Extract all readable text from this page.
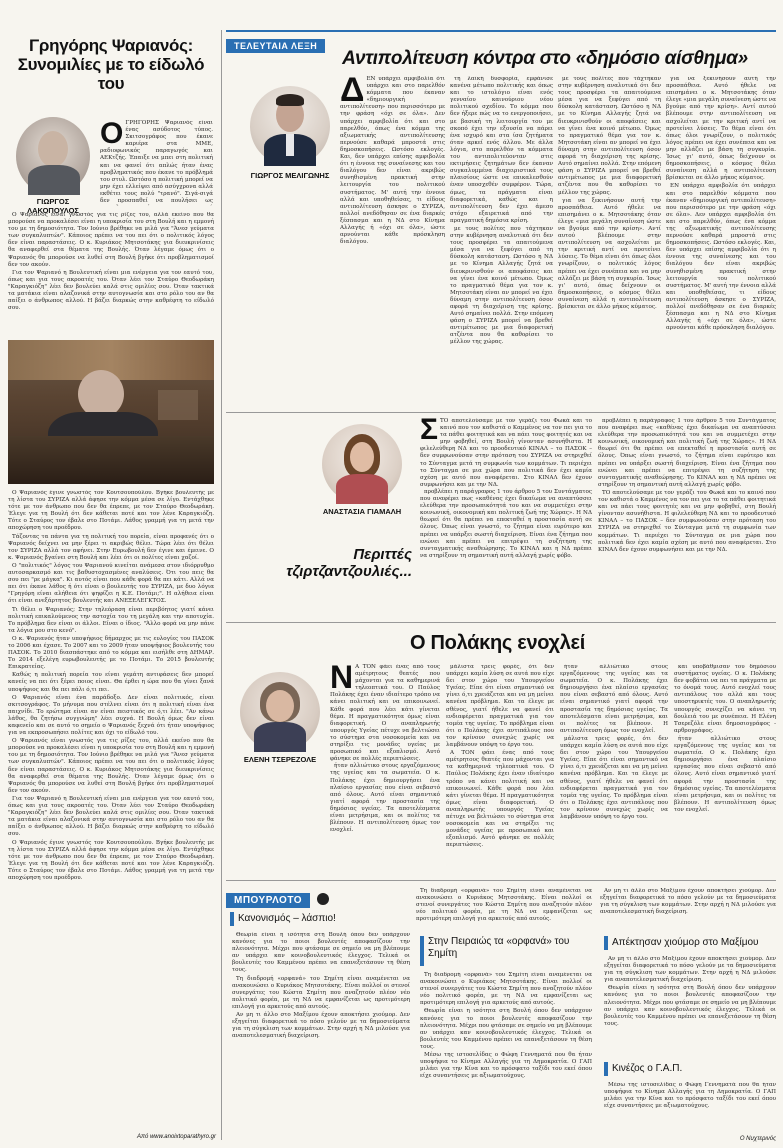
Γρηγόρης Ψαριανός: Συνομιλίες με το είδωλό του
ΓΙΩΡΓΟΣ ΛΑΚΟΠΟΥΛΟΣ
Ο ΓΡΗΓΟΡΗΣ Ψαριανός είναι ένας ασύδοτος τύπος. Σκιτσογράφος που έκανε καριέρα στα ΜΜΕ, ραδιοφωνικός παραγωγός και ΑΕΚτζής. Έπαιξε να μπει στη πολιτική και να φανεί ότι απλώς ήταν ένας προβληματικός που έκανε το πρόβλημά του στυλ. Ωστόσο η πολιτική μπορεί να μην έχει ελλείψει από ασύγχρονα αλλά εκθέτει τους πολύ "τρανό". Σιγά-σιγά δεν προσπαθεί να πουλήσει ως

Ο Ψαριανός είναι γνωστός για τις ρίζες του, αλλά εκείνο που θα μπορούσε να προκαλέσει είναι η υποκρισία του στη Βουλή και η εμμονή του με τη δημοσιότητα. Τον Ιούνιο βρέθηκε να μιλά για "Άνεσ γεύματα των συγκαλυπτών". Κάποιος πρέπει να του πει ότι ο πολιτικός λόγος δεν είναι παραστάσεις. Ο κ. Κυριάκος Μητσοτάκης για διευκρινίσεις θα αναφερθεί στα θέματα της Βουλής. Όταν λέγαμε όμως ότι ο Ψαριανός θα μπορούσε να λυθεί στη Βουλή βγήκε ότι προβληματισμοί δεν τον ακούν.

Για τον Ψαριανό η Βουλευτική είναι μια ενέργεια για τον εαυτό του, όπως και για τους ακροατές του. Όταν λέει τον Σταύρο Θεοδωράκη "Καραγκιόζη" λέει δεν βουλεύει καλά στις ομιλίες σου. Όταν τακτικά τα ματάκια είναι αλαζονικά στην αυτογνωσία και στο ρόλο του αν θα παίξει ο άνθρωπος αλλού. Η βάζει διαρκώς στην καθρέφτη το είδωλό σου.

Ο Ψαριανός έγινε γνωστός τον Κουτσουπούλου. Βγήκε βουλευτής με τη λίστα του ΣΥΡΙΖΑ αλλά άφησε την κόμμα μέσα σε λίγο. Εντάχθηκε τότε με τον άνθρωπο που δεν θα έπρεπε, με τον Σταύρο Θεοδωράκη. Έλεγε για τη Βουλή ότι δεν κάθεται ποτέ και τον λένε Καραγκιόζη. Τότε ο Σταύρος τον έβαλε στο Ποτάμι. Λάθος γραμμή για τη μετά την αποχώρηση του προέδρου.

Τάζοντας τα πάντα για τη πολιτική του πορεία, είναι προφανές ότι ο Ψαριανός δείχνει να μην ξέρει τι ακριβώς θέλει. Τώρα λέει ότι θέλει τον ΣΥΡΙΖΑ αλλά τον αφήνει. Στην Ευρωβουλή δεν έγινε και έμεινε. Ο κ. Ψαριανός βγαίνει στη Βουλή και λέει ότι οι πολίτες είναι χαζοί.

Ο "πολιτικός" λόγος του Ψαριανού κινείται ανάμεσα στον ιδιόρρυθμο αυτοσαρκασμό και τις βαθυστοχασμένες αναλύσεις. Ότι του πεις θα σου πει "ρε μάγκα". Κι αυτός είναι που κάθε φορά θα πει κάτι. Αλλά να πει ότι έκανε λάθος ή ότι είναι ο βουλευτής του ΣΥΡΙΖΑ, με δυο λόγια "Γρηγόρη είναι αλήθεια ότι ψηφίζει η Κ.Ε. Ποτάμι;". Η αλήθεια είναι ότι είναι ανεξάρτητος βουλευτής και ΑΝΕΞΕΛΕΓΚΤΟΣ.

Τι θέλει ο Ψαριανός; Στην τηλεόραση είναι περιβόητος γιατί κάνει πολιτική επικαλούμενος την αστοχία του τη μεγάλη και την αποτυχία. Το πρόβλημα δεν είναι οι άλλοι. Είναι ο ίδιος. "Άλλο φορά να μην πάνε τα λόγια μου στο κενό".

Ο κ. Ψαριανός ήταν υποψήφιος δήμαρχος με τις ευλογίες του ΠΑΣΟΚ το 2006 και έχασε. Το 2007 και το 2009 ήταν υποψήφιος βουλευτής του ΠΑΣΟΚ. Το 2010 διασπάστηκε από το κόμμα και εισήλθε στη ΔΗΜΑΡ. Το 2014 εξελέγη ευρωβουλευτής με το Ποτάμι. Το 2015 βουλευτής Επικρατείας.

Καθώς η πολιτική πορεία του είναι γεμάτη αντιφάσεις δεν μπορεί κανείς να πει ότι ξέρει ποιος είναι. Θα έρθει η ώρα που θα γίνει ξανά υποψήφιος και θα πει πάλι ό,τι πει.

Ο Ψαριανός είναι ένα παράδοξο. Δεν είναι πολιτικός, είναι σκιτσογράφος. Το μήνυμα που στέλνει είναι ότι η πολιτική είναι ένα παιχνίδι. Το ερώτημα είναι αν είναι πειστικός σε ό,τι λέει. "Αν κάνω λάθος, θα ζητήσω συγγνώμη" λέει συχνά. Η Βουλή όμως δεν είναι καφενείο και σε αυτό το σημείο ο Ψαριανός ξεχνά ότι ήταν υποψήφιος για να εκπροσωπήσει πολίτες και όχι το είδωλό του.

Ο Ψαριανός είναι γνωστός για τις ρίζες του, αλλά εκείνο που θα μπορούσε να προκαλέσει είναι η υποκρισία του στη Βουλή και η εμμονή του με τη δημοσιότητα. Τον Ιούνιο βρέθηκε να μιλά για "Άνεσ γεύματα των συγκαλυπτών". Κάποιος πρέπει να του πει ότι ο πολιτικός λόγος δεν είναι παραστάσεις. Ο κ. Κυριάκος Μητσοτάκης για διευκρινίσεις θα αναφερθεί στα θέματα της Βουλής. Όταν λέγαμε όμως ότι ο Ψαριανός θα μπορούσε να λυθεί στη Βουλή βγήκε ότι προβληματισμοί δεν τον ακούν.

Για τον Ψαριανό η Βουλευτική είναι μια ενέργεια για τον εαυτό του, όπως και για τους ακροατές του. Όταν λέει τον Σταύρο Θεοδωράκη "Καραγκιόζη" λέει δεν βουλεύει καλά στις ομιλίες σου. Όταν τακτικά τα ματάκια είναι αλαζονικά στην αυτογνωσία και στο ρόλο του αν θα παίξει ο άνθρωπος αλλού. Η βάζει διαρκώς στην καθρέφτη το είδωλό σου.

Ο Ψαριανός έγινε γνωστός τον Κουτσουπούλου. Βγήκε βουλευτής με τη λίστα του ΣΥΡΙΖΑ αλλά άφησε την κόμμα μέσα σε λίγο. Εντάχθηκε τότε με τον άνθρωπο που δεν θα έπρεπε, με τον Σταύρο Θεοδωράκη. Έλεγε για τη Βουλή ότι δεν κάθεται ποτέ και τον λένε Καραγκιόζη. Τότε ο Σταύρος τον έβαλε στο Ποτάμι. Λάθος γραμμή για τη μετά την αποχώρηση του προέδρου.

Από www.anoixtoparathyro.gr
ΤΕΛΕΥΤΑΙΑ ΛΕΞΗ
Αντιπολίτευση κόντρα στο «δημόσιο αίσθημα»
ΓΙΩΡΓΟΣ ΜΕΛΙΓΩΝΗΣ
Δ ΕΝ υπάρχει αμφιβολία ότι υπάρχει και στο παρελθόν κόμματα που έκαναν «δημιουργική αντιπολίτευση» που περισσότερο με την φράση «όχι σε όλα». Δεν υπάρχει αμφιβολία ότι και στο παρελθόν, όπως ένα κόμμα της αξιωματικής αντιπολίτευσης περνούσε καθαρά μπροστά στις δημοσκοπήσεις. Ωστόσο εκλογές. Και, δεν υπάρχει επίσης αμφιβολία ότι η έννοια της συναίνεσης και του διαλόγου δεν είναι ακριβώς συνηθισμένη πρακτική στην λειτουργία του πολιτικού συστήματος. Μ' αυτή την έννοια αλλά και υποθηθείσας, τι είδους αντιπολίτευση άσκησε ο ΣΥΡΙΖΑ, πολλοί ανεδόθησαν σε ένα διαρκές ξέσπασμα και η ΝΔ στο Κίνημα Αλλαγής ή «όχι σε όλα», ώστε αρνούνται κάθε πρόσκληση διαλόγου.

τη λαϊκή δυσφορία, εμφάνισε κανένα μέτωπο πολιτικής και όπως και το ιστολόγιο είναι ενός γενναίου καινούριου νέου πολιτικού σχεδίου. Το κόμμα που δεν ήξερε πώς να το ενεργοποιήσει, με βασική τη λειτουργία του με σκοπό έχει την εξουσία να πάρει ένα ισχυρό και στα ίσα ζητήματα όταν αρκεί ενός άλλου. Με άλλα λόγια, στο παρελθόν τα κόμματα του αντιπολιτεύονταν στις εκτιμήσεις ζητημάτων δεν έκαναν συγκαλυμμένα διαχειριστικά τους πλαισίους ώστε να επικαλεσθούν έναν υποσχεθέν συμφέρον. Τώρα, όμως, τα πράγματα είναι διαφορετικά, καθώς και η αντιπολίτευση δεν έχει άμεσο στόχο εξαιρετικά από την πραγματική δημόσια κρίση.

με τους πολίτες που τάχτηκαν στην κυβέρνηση αναλυτικά ότι δεν τους προσφέρει τα απαιτούμενα μέσα για να ξεφύγει από τη δύσκολη κατάσταση. Ωστόσο η ΝΔ με το Κίνημα Αλλαγής ζητά να διευκρινισθούν οι αποφάσεις και να γίνει ένα κοινό μέτωπο. Όμως το πραγματικό θέμα για τον κ. Μητσοτάκη είναι αν μπορεί να έχει δύναμη στην αντιπολίτευση όσον αφορά τη διαχείριση της κρίσης. Αυτό σημαίνει πολλά. Στην επόμενη φάση ο ΣΥΡΙΖΑ μπορεί να βρεθεί αντιμέτωπος με μια διαφορετική ατζέντα που θα καθορίσει το μέλλον της χώρας.

με τους πολίτες που τάχτηκαν στην κυβέρνηση αναλυτικά ότι δεν τους προσφέρει τα απαιτούμενα μέσα για να ξεφύγει από τη δύσκολη κατάσταση. Ωστόσο η ΝΔ με το Κίνημα Αλλαγής ζητά να διευκρινισθούν οι αποφάσεις και να γίνει ένα κοινό μέτωπο. Όμως το πραγματικό θέμα για τον κ. Μητσοτάκη είναι αν μπορεί να έχει δύναμη στην αντιπολίτευση όσον αφορά τη διαχείριση της κρίσης. Αυτό σημαίνει πολλά. Στην επόμενη φάση ο ΣΥΡΙΖΑ μπορεί να βρεθεί αντιμέτωπος με μια διαφορετική ατζέντα που θα καθορίσει το μέλλον της χώρας.

για να ξεκινήσουν αυτή την προσπάθεια. Αυτό ήθελε να επισημάνει ο κ. Μητσοτάκης όταν έλεγε «μια μεγάλη συναίνεση ώστε να βγούμε από την κρίση». Αντί αυτού βλέπουμε στην αντιπολίτευση να ασχολείται με την κριτική αντί να προτείνει λύσεις. Το θέμα είναι ότι όπως όλοι γνωρίζουν, ο πολιτικός λόγος πρέπει να έχει συνέπεια και να μην αλλάζει με βάση τη συγκυρία. Ίσως γι' αυτό, όπως δείχνουν οι δημοσκοπήσεις, ο κόσμος θέλει συναίνεση αλλά η αντιπολίτευση βρίσκεται σε άλλο μήκος κύματος.

για να ξεκινήσουν αυτή την προσπάθεια. Αυτό ήθελε να επισημάνει ο κ. Μητσοτάκης όταν έλεγε «μια μεγάλη συναίνεση ώστε να βγούμε από την κρίση». Αντί αυτού βλέπουμε στην αντιπολίτευση να ασχολείται με την κριτική αντί να προτείνει λύσεις. Το θέμα είναι ότι όπως όλοι γνωρίζουν, ο πολιτικός λόγος πρέπει να έχει συνέπεια και να μην αλλάζει με βάση τη συγκυρία. Ίσως γι' αυτό, όπως δείχνουν οι δημοσκοπήσεις, ο κόσμος θέλει συναίνεση αλλά η αντιπολίτευση βρίσκεται σε άλλο μήκος κύματος.

ΕΝ υπάρχει αμφιβολία ότι υπάρχει και στο παρελθόν κόμματα που έκαναν «δημιουργική αντιπολίτευση» που περισσότερο με την φράση «όχι σε όλα». Δεν υπάρχει αμφιβολία ότι και στο παρελθόν, όπως ένα κόμμα της αξιωματικής αντιπολίτευσης περνούσε καθαρά μπροστά στις δημοσκοπήσεις. Ωστόσο εκλογές. Και, δεν υπάρχει επίσης αμφιβολία ότι η έννοια της συναίνεσης και του διαλόγου δεν είναι ακριβώς συνηθισμένη πρακτική στην λειτουργία του πολιτικού συστήματος. Μ' αυτή την έννοια αλλά και υποθηθείσας, τι είδους αντιπολίτευση άσκησε ο ΣΥΡΙΖΑ, πολλοί ανεδόθησαν σε ένα διαρκές ξέσπασμα και η ΝΔ στο Κίνημα Αλλαγής ή «όχι σε όλα», ώστε αρνούνται κάθε πρόσκληση διαλόγου.

ΑΝΑΣΤΑΣΙΑ ΓΙΑΜΑΛΗ
Περιττές τζιρτζαντζουλιές...
Σ ΤΟ αποτελούσαμε με τον γεράζι του Φωκά και το καινό που τον καθιστά ο Καμμένος να τον πει για το τα πάθει φοιτητικά και να πάει τους φοιτητές και να μην φοβηθεί, στη Βουλή γίνονταν ασυνήθιστα. Η φιλελεύθερη ΝΔ και το προοδευτικό ΚΙΝΑΛ – το ΠΑΣΟΚ – δεν συμφωνούσαν στην πρόταση του ΣΥΡΙΖΑ να στηριχθεί το Σύνταγμα μετά τη συμφωνία των κομμάτων. Τι περιέχει το Σύνταγμα σε μια χώρα που πολιτικά δεν έχει καμία σχέση με αυτό που αναφέρεται. Στο ΚΙΝΑΛ δεν έχουν συμφωνήσει και με την ΝΔ.

προβλέπει η παράγραφος 1 του άρθρου 5 του Συντάγματος που αναφέρει πως «καθένας έχει δικαίωμα να αναπτύσσει ελεύθερα την προσωπικότητά του και να συμμετέχει στην κοινωνική, οικονομική και πολιτική ζωή της Χώρας». Η ΝΔ θεωρεί ότι θα πρέπει να επεκταθεί η προστασία αυτή σε όλους. Όπως είναι γνωστό, το ζήτημα είναι ευρύτερο και πρέπει να υπάρξει σωστή διαχείριση. Είναι ένα ζήτημα που ενώνει και πρέπει να επιτρέψει τη συζήτηση της συνταγματικής αναθεώρησης. Το ΚΙΝΑΛ και η ΝΔ πρέπει να στηρίξουν τη σημαντική αυτή αλλαγή χωρίς φόβο.

προβλέπει η παράγραφος 1 του άρθρου 5 του Συντάγματος που αναφέρει πως «καθένας έχει δικαίωμα να αναπτύσσει ελεύθερα την προσωπικότητά του και να συμμετέχει στην κοινωνική, οικονομική και πολιτική ζωή της Χώρας». Η ΝΔ θεωρεί ότι θα πρέπει να επεκταθεί η προστασία αυτή σε όλους. Όπως είναι γνωστό, το ζήτημα είναι ευρύτερο και πρέπει να υπάρξει σωστή διαχείριση. Είναι ένα ζήτημα που ενώνει και πρέπει να επιτρέψει τη συζήτηση της συνταγματικής αναθεώρησης. Το ΚΙΝΑΛ και η ΝΔ πρέπει να στηρίξουν τη σημαντική αυτή αλλαγή χωρίς φόβο.

ΤΟ αποτελούσαμε με τον γεράζι του Φωκά και το καινό που τον καθιστά ο Καμμένος να τον πει για το τα πάθει φοιτητικά και να πάει τους φοιτητές και να μην φοβηθεί, στη Βουλή γίνονταν ασυνήθιστα. Η φιλελεύθερη ΝΔ και το προοδευτικό ΚΙΝΑΛ – το ΠΑΣΟΚ – δεν συμφωνούσαν στην πρόταση του ΣΥΡΙΖΑ να στηριχθεί το Σύνταγμα μετά τη συμφωνία των κομμάτων. Τι περιέχει το Σύνταγμα σε μια χώρα που πολιτικά δεν έχει καμία σχέση με αυτό που αναφέρεται. Στο ΚΙΝΑΛ δεν έχουν συμφωνήσει και με την ΝΔ.

Ο Πολάκης ενοχλεί
ΕΛΕΝΗ ΤΣΕΡΕΖΟΛΕ
Ν Α ΤΟΝ φάει ένας από τους αμέτρητους θεατές που μάχονται για τα καθημερινά τηλεοπτικά του. Ο Παύλος Πολάκης έχει έναν ιδιαίτερο τρόπο να κάνει πολιτική και να επικοινωνεί. Κάθε φορά που λέει κάτι γίνεται θέμα. Η πραγματικότητα όμως είναι διαφορετική. Ο αναπληρωτής υπουργός Υγείας πέτυχε να βελτιώσει το σύστημα στα νοσοκομεία και να στηρίξει τις μονάδες υγείας με προσωπικό και εξοπλισμό. Αυτό φάνηκε σε πολλές περιπτώσεις.

ήταν αλλιώτικο στους εργαζόμενους της υγείας και τα σωματεία. Ο κ. Πολάκης έχει δημιουργήσει ένα πλαίσιο εργασίας που είναι σεβαστό από όλους. Αυτό είναι σημαντικό γιατί αφορά την προστασία της δημόσιας υγείας. Τα αποτελέσματα είναι μετρήσιμα, και οι πολίτες τα βλέπουν. Η αντιπολίτευση όμως τον ενοχλεί.

μάλιστα τρεις φορές, ότι δεν υπάρχει καμία λύση σε αυτά που είχε δει στον χώρο του Υπουργείου Υγείας. Είπε ότι είναι σημαντικό να γίνει ό,τι χρειάζεται και να μη μείνει κανένα πρόβλημα. Και τα έλεγε με σθένος, γιατί ήθελε να φανεί ότι ενδιαφέρεται πραγματικά για τον τομέα της υγείας. Το πρόβλημα είναι ότι ο Πολάκης έχει αντιπάλους που τον κρίνουν συνεχώς χωρίς να λαμβάνουν υπόψη το έργο του.

Α ΤΟΝ φάει ένας από τους αμέτρητους θεατές που μάχονται για τα καθημερινά τηλεοπτικά του. Ο Παύλος Πολάκης έχει έναν ιδιαίτερο τρόπο να κάνει πολιτική και να επικοινωνεί. Κάθε φορά που λέει κάτι γίνεται θέμα. Η πραγματικότητα όμως είναι διαφορετική. Ο αναπληρωτής υπουργός Υγείας πέτυχε να βελτιώσει το σύστημα στα νοσοκομεία και να στηρίξει τις μονάδες υγείας με προσωπικό και εξοπλισμό. Αυτό φάνηκε σε πολλές περιπτώσεις.

ήταν αλλιώτικο στους εργαζόμενους της υγείας και τα σωματεία. Ο κ. Πολάκης έχει δημιουργήσει ένα πλαίσιο εργασίας που είναι σεβαστό από όλους. Αυτό είναι σημαντικό γιατί αφορά την προστασία της δημόσιας υγείας. Τα αποτελέσματα είναι μετρήσιμα, και οι πολίτες τα βλέπουν. Η αντιπολίτευση όμως τον ενοχλεί.

μάλιστα τρεις φορές, ότι δεν υπάρχει καμία λύση σε αυτά που είχε δει στον χώρο του Υπουργείου Υγείας. Είπε ότι είναι σημαντικό να γίνει ό,τι χρειάζεται και να μη μείνει κανένα πρόβλημα. Και τα έλεγε με σθένος, γιατί ήθελε να φανεί ότι ενδιαφέρεται πραγματικά για τον τομέα της υγείας. Το πρόβλημα είναι ότι ο Πολάκης έχει αντιπάλους που τον κρίνουν συνεχώς χωρίς να λαμβάνουν υπόψη το έργο του.

και υποβάθμισαν του δημόσιου συστήματος υγείας. Ο κ. Πολάκης δεν φοβάται να πει τα πράγματα με το όνομά τους. Αυτό ενοχλεί τους αντιπάλους του αλλά και τους υποστηρικτές του. Ο αναπληρωτής υπουργός συνεχίζει να κάνει τη δουλειά του με συνέπεια. Η Ελένη Τσερεζόλε είναι δημοσιογράφος - αρθρογράφος.

ήταν αλλιώτικο στους εργαζόμενους της υγείας και τα σωματεία. Ο κ. Πολάκης έχει δημιουργήσει ένα πλαίσιο εργασίας που είναι σεβαστό από όλους. Αυτό είναι σημαντικό γιατί αφορά την προστασία της δημόσιας υγείας. Τα αποτελέσματα είναι μετρήσιμα, και οι πολίτες τα βλέπουν. Η αντιπολίτευση όμως τον ενοχλεί.

ΜΠΟΥΡΛΟΤΟ
Κανονισμός – λάσπιο!

Θεωρία είναι η ισότητα στη Βουλή όπου δεν υπάρχουν κανόνες για το ποιοι βουλευτές αποφασίζουν την πλειονότητα. Μέχρι που φτάσαμε σε σημείο να μη βλέπουμε αν υπάρχει καν κοινοβουλευτικός έλεγχος. Τελικά οι βουλευτές του Καμμένου πρέπει να επανεξετάσουν τη θέση τους.

Τη διαδρομή «ορφανά» του Σημίτη είναι αναμένεται να ανακοινώσει ο Κυριάκος Μητσοτάκης. Είναι πολλοί οι στενοί συνεργάτες του Κώστα Σημίτη που αναζητούν πλέον νέο πολιτικό φορέα, με τη ΝΔ να εμφανίζεται ως προτιμότερη επιλογή για αρκετούς από αυτούς.

Αν μη τι άλλο στο Μαξίμου έχουν αποκτήσει χιούμορ. Δεν εξηγείται διαφορετικά το πόσο γελούν με τα δημοσιεύματα για τη σύγκλιση των κομμάτων. Στην αρχή η ΝΔ μιλούσε για αναποτελεσματική διαχείριση.

Τη διαδρομή «ορφανά» του Σημίτη είναι αναμένεται να ανακοινώσει ο Κυριάκος Μητσοτάκης. Είναι πολλοί οι στενοί συνεργάτες του Κώστα Σημίτη που αναζητούν πλέον νέο πολιτικό φορέα, με τη ΝΔ να εμφανίζεται ως προτιμότερη επιλογή για αρκετούς από αυτούς.

Στην Πειραιώς τα «ορφανά» του Σημίτη

Τη διαδρομή «ορφανά» του Σημίτη είναι αναμένεται να ανακοινώσει ο Κυριάκος Μητσοτάκης. Είναι πολλοί οι στενοί συνεργάτες του Κώστα Σημίτη που αναζητούν πλέον νέο πολιτικό φορέα, με τη ΝΔ να εμφανίζεται ως προτιμότερη επιλογή για αρκετούς από αυτούς.

Θεωρία είναι η ισότητα στη Βουλή όπου δεν υπάρχουν κανόνες για το ποιοι βουλευτές αποφασίζουν την πλειονότητα. Μέχρι που φτάσαμε σε σημείο να μη βλέπουμε αν υπάρχει καν κοινοβουλευτικός έλεγχος. Τελικά οι βουλευτές του Καμμένου πρέπει να επανεξετάσουν τη θέση τους.

Μέσω της ιστοσελίδας ο Φώφη Γεννηματά που θα ήταν υποψήφια το Κίνημα Αλλαγής για τη Δημοκρατία. Ο ΓΑΠ μιλάει για την Κίνα και το πρόσφατο ταξίδι του εκεί όπου είχε συναντήσεις με αξιωματούχους.

Αν μη τι άλλο στο Μαξίμου έχουν αποκτήσει χιούμορ. Δεν εξηγείται διαφορετικά το πόσο γελούν με τα δημοσιεύματα για τη σύγκλιση των κομμάτων. Στην αρχή η ΝΔ μιλούσε για αναποτελεσματική διαχείριση.

Απέκτησαν χιούμορ στο Μαξίμου

Αν μη τι άλλο στο Μαξίμου έχουν αποκτήσει χιούμορ. Δεν εξηγείται διαφορετικά το πόσο γελούν με τα δημοσιεύματα για τη σύγκλιση των κομμάτων. Στην αρχή η ΝΔ μιλούσε για αναποτελεσματική διαχείριση.

Θεωρία είναι η ισότητα στη Βουλή όπου δεν υπάρχουν κανόνες για το ποιοι βουλευτές αποφασίζουν την πλειονότητα. Μέχρι που φτάσαμε σε σημείο να μη βλέπουμε αν υπάρχει καν κοινοβουλευτικός έλεγχος. Τελικά οι βουλευτές του Καμμένου πρέπει να επανεξετάσουν τη θέση τους.

Κινέζος ο Γ.Α.Π.

Μέσω της ιστοσελίδας ο Φώφη Γεννηματά που θα ήταν υποψήφια το Κίνημα Αλλαγής για τη Δημοκρατία. Ο ΓΑΠ μιλάει για την Κίνα και το πρόσφατο ταξίδι του εκεί όπου είχε συναντήσεις με αξιωματούχους.

Ο Νυχτερινός
